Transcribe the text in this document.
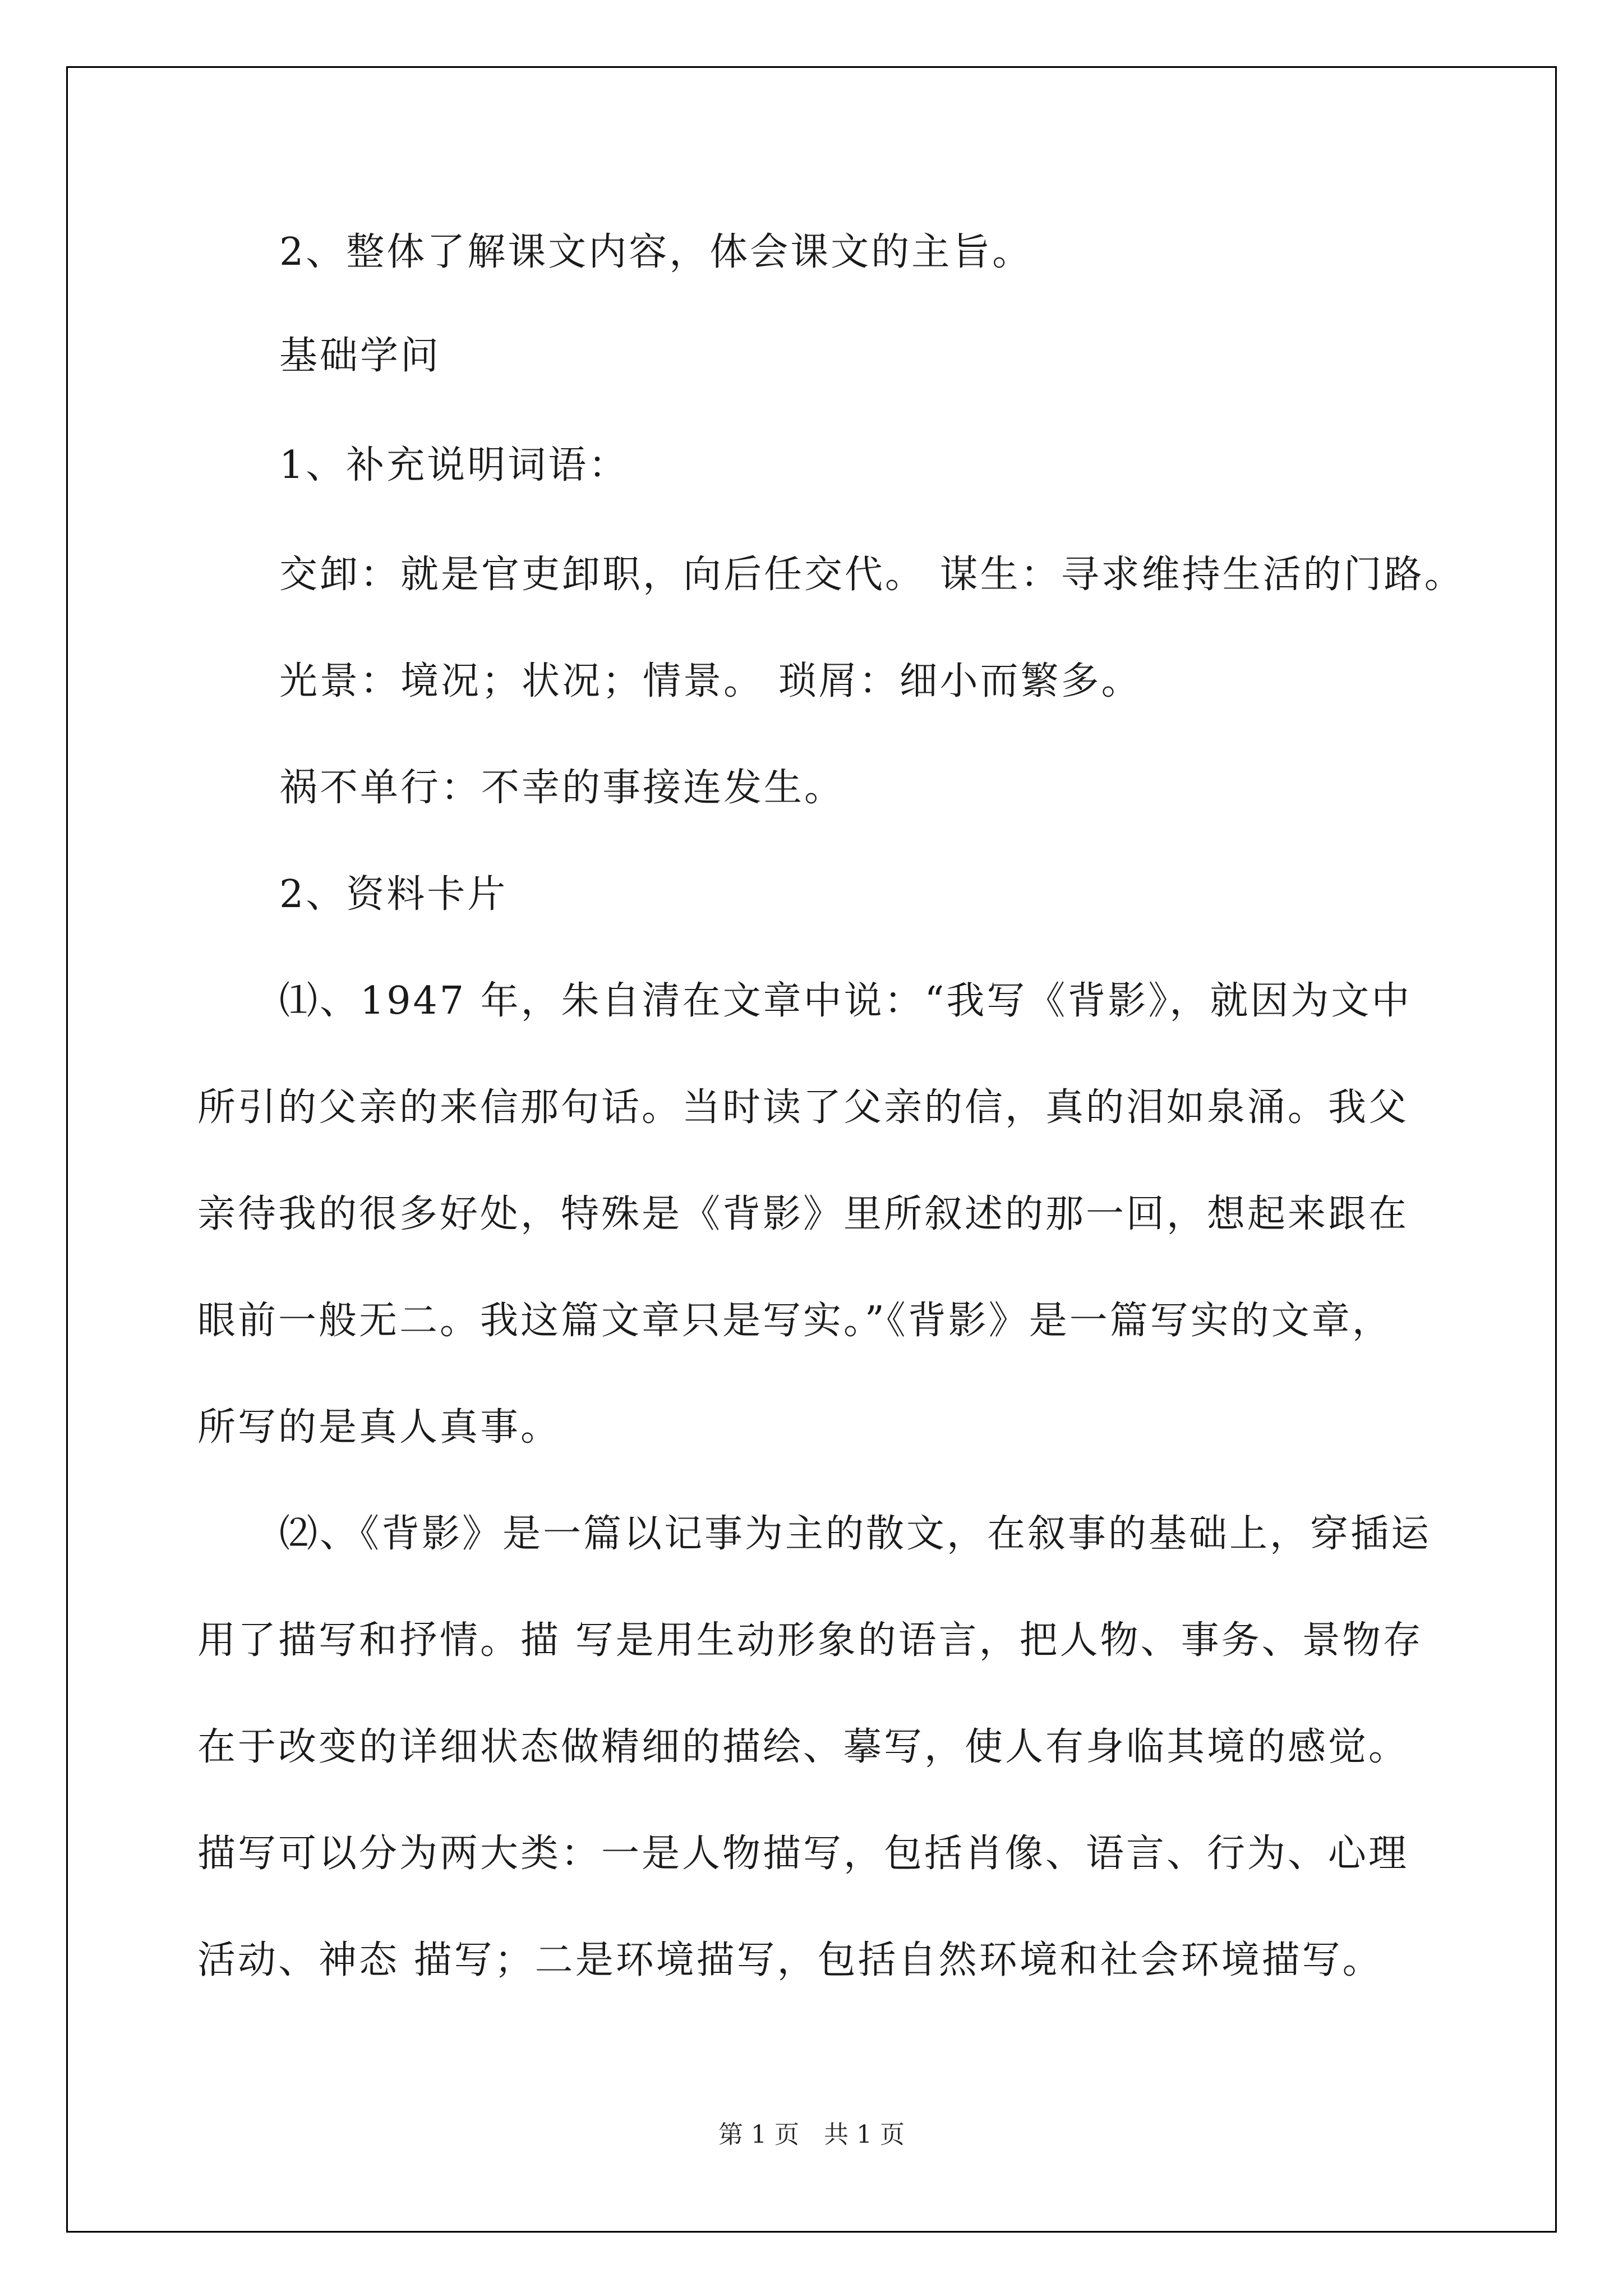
2、整体了解课文内容，体会课文的主旨。
基础学问
1、补充说明词语：
交卸：就是官吏卸职，向后任交代。 谋生：寻求维持生活的门路。
光景：境况；状况；情景。 琐屑：细小而繁多。
祸不单行：不幸的事接连发生。
2、资料卡片
⑴、1947 年，朱自清在文章中说：“我写《背影》，就因为文中
所引的父亲的来信那句话。当时读了父亲的信，真的泪如泉涌。我父
亲待我的很多好处，特殊是《背影》里所叙述的那一回，想起来跟在
眼前一般无二。我这篇文章只是写实。”《背影》是一篇写实的文章，
所写的是真人真事。
⑵、《背影》是一篇以记事为主的散文，在叙事的基础上，穿插运
用了描写和抒情。描 写是用生动形象的语言，把人物、事务、景物存
在于改变的详细状态做精细的描绘、摹写，使人有身临其境的感觉。
描写可以分为两大类：一是人物描写，包括肖像、语言、行为、心理
活动、神态 描写；二是环境描写，包括自然环境和社会环境描写。
第 1 页　共 1 页
